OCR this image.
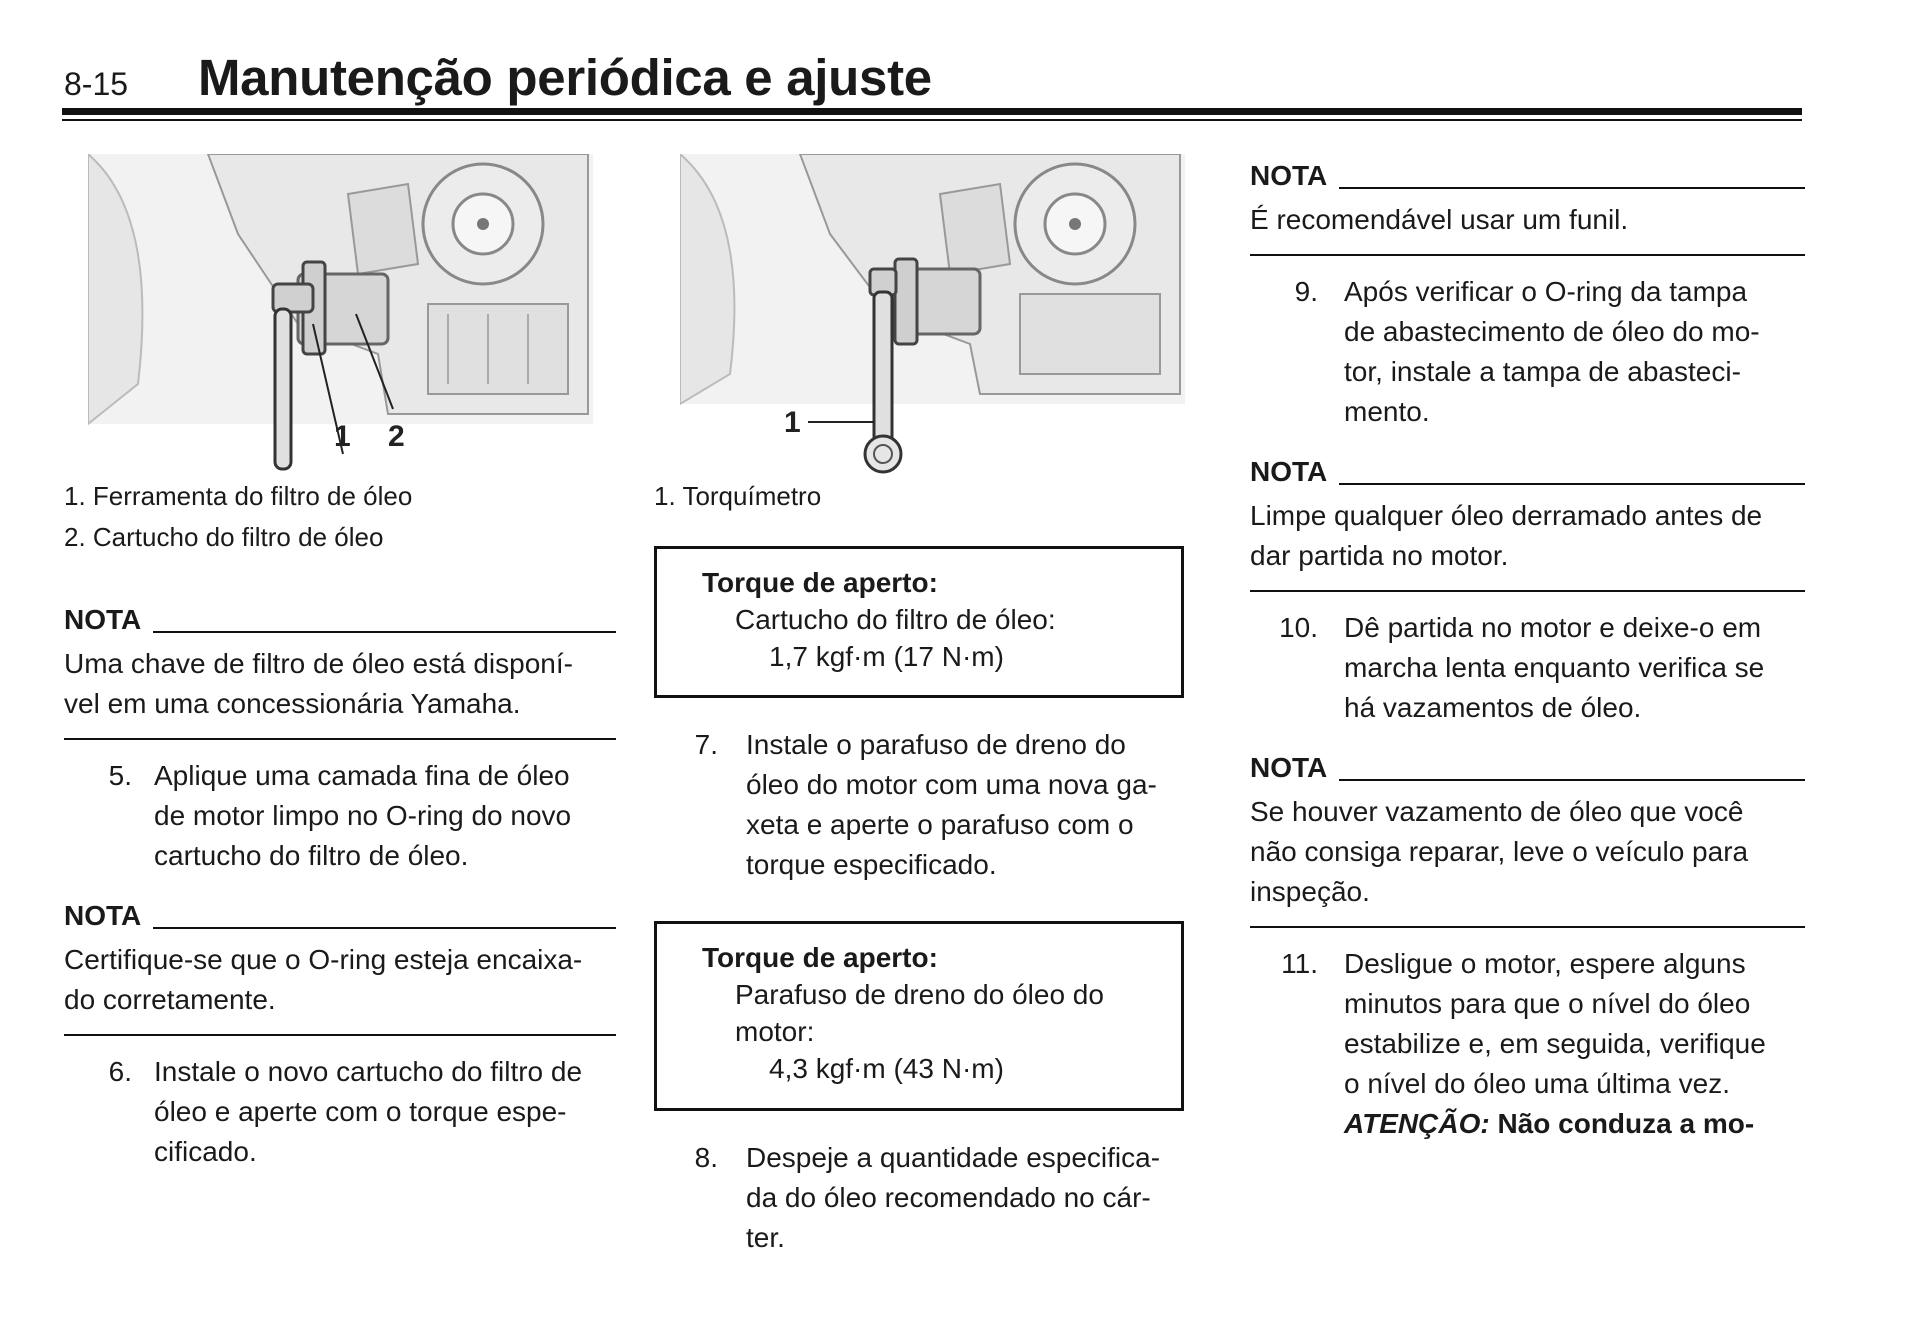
8-15 Manutenção periódica e ajuste
1 2
1. Ferramenta do filtro de óleo
2. Cartucho do filtro de óleo
1
1. Torquímetro
NOTA
Uma chave de filtro de óleo está disponí-
vel em uma concessionária Yamaha.
5. Aplique uma camada fina de óleo
de motor limpo no O-ring do novo
cartucho do filtro de óleo.
NOTA
Certifique-se que o O-ring esteja encaixa-
do corretamente.
6. Instale o novo cartucho do filtro de
óleo e aperte com o torque espe-
cificado.
Torque de aperto:
Cartucho do filtro de óleo:
1,7 kgf·m (17 N·m)
7. Instale o parafuso de dreno do
óleo do motor com uma nova ga-
xeta e aperte o parafuso com o
torque especificado.
Torque de aperto:
Parafuso de dreno do óleo do
motor:
4,3 kgf·m (43 N·m)
8. Despeje a quantidade especifica-
da do óleo recomendado no cár-
ter.
NOTA
É recomendável usar um funil.
9. Após verificar o O-ring da tampa
de abastecimento de óleo do mo-
tor, instale a tampa de abasteci-
mento.
NOTA
Limpe qualquer óleo derramado antes de
dar partida no motor.
10. Dê partida no motor e deixe-o em
marcha lenta enquanto verifica se
há vazamentos de óleo.
NOTA
Se houver vazamento de óleo que você
não consiga reparar, leve o veículo para
inspeção.
11. Desligue o motor, espere alguns
minutos para que o nível do óleo
estabilize e, em seguida, verifique
o nível do óleo uma última vez.
ATENÇÃO: Não conduza a mo-
